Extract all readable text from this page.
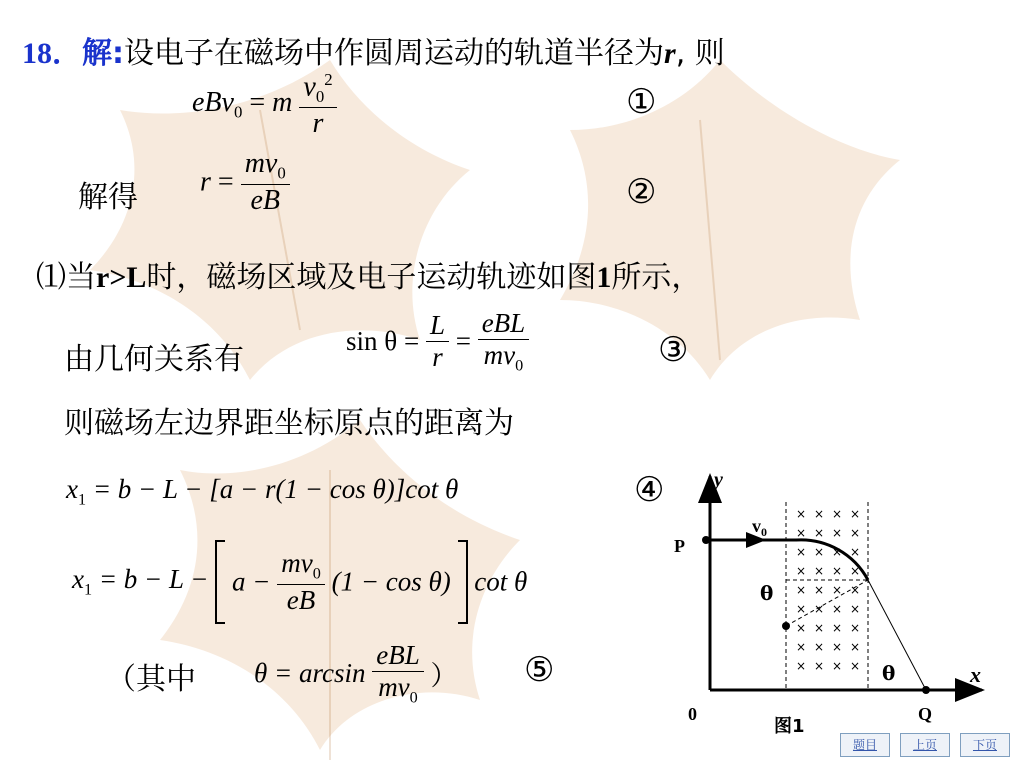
18．解:设电子在磁场中作圆周运动的轨道半径为r, 则
eBv$_0$ = m $\frac{v_0^2}{r}$	①
解得 $r = \frac{mv_0}{eB}$	②
⑴当r>L时，磁场区域及电子运动轨迹如图1所示，
由几何关系有
$\sin \theta = \frac{L}{r} = \frac{\text{eBL}}{mv_0}$	③
则磁场左边界距坐标原点的距离为
$x_1 = b - L - [a - r(1 - \cos \theta)]\cot$ θ	④
$x_1 = b - L - a - \frac{mv_0}{eB} (1 - \cos \theta)$ cot θ
（其中 $\theta = \arcsin \frac{\text{eBL}}{mv_0}$ ） ⑤
× × × ×
× × × ×
× × × ×
× × × ×
× × × ×
× × × ×
× × × ×
× × × ×
× × × ×
y
x
0
P
Q
$v_0$
θ
θ
图1
题目	上页	下页
